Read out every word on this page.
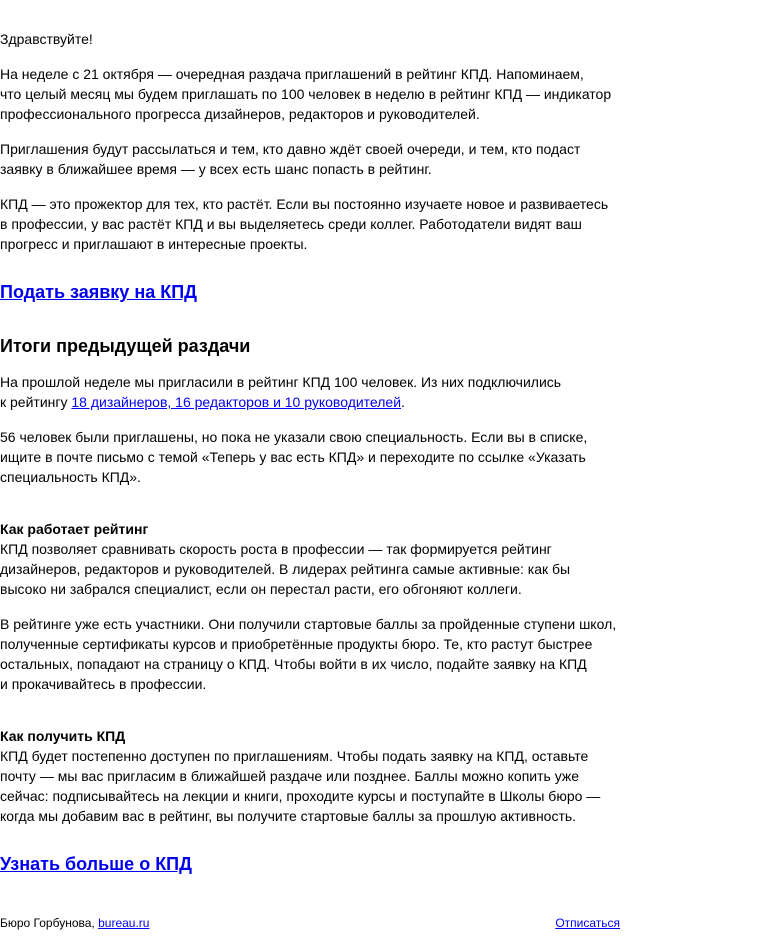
Здравствуйте!

На неделе с 21 октября — очередная раздача приглашений в рейтинг КПД. Напоминаем,
что целый месяц мы будем приглашать по 100 человек в неделю в рейтинг КПД — индикатор
профессионального прогресса дизайнеров, редакторов и руководителей.

Приглашения будут рассылаться и тем, кто давно ждёт своей очереди, и тем, кто подаст
заявку в ближайшее время — у всех есть шанс попасть в рейтинг.

КПД — это прожектор для тех, кто растёт. Если вы постоянно изучаете новое и развиваетесь
в профессии, у вас растёт КПД и вы выделяетесь среди коллег. Работодатели видят ваш
прогресс и приглашают в интересные проекты.

Подать заявку на КПД
Итоги предыдущей раздачи

На прошлой неделе мы пригласили в рейтинг КПД 100 человек. Из них подключились
к рейтингу 18 дизайнеров, 16 редакторов и 10 руководителей.

56 человек были приглашены, но пока не указали свою специальность. Если вы в списке,
ищите в почте письмо с темой «Теперь у вас есть КПД» и переходите по ссылке «Указать
специальность КПД».

Как работает рейтинг
КПД позволяет сравнивать скорость роста в профессии — так формируется рейтинг
дизайнеров, редакторов и руководителей. В лидерах рейтинга самые активные: как бы
высоко ни забрался специалист, если он перестал расти, его обгоняют коллеги.

В рейтинге уже есть участники. Они получили стартовые баллы за пройденные ступени школ,
полученные сертификаты курсов и приобретённые продукты бюро. Те, кто растут быстрее
остальных, попадают на страницу о КПД. Чтобы войти в их число, подайте заявку на КПД
и прокачивайтесь в профессии.

Как получить КПД
КПД будет постепенно доступен по приглашениям. Чтобы подать заявку на КПД, оставьте
почту — мы вас пригласим в ближайшей раздаче или позднее. Баллы можно копить уже
сейчас: подписывайтесь на лекции и книги, проходите курсы и поступайте в Школы бюро —
когда мы добавим вас в рейтинг, вы получите стартовые баллы за прошлую активность.

Узнать больше о КПД
Бюро Горбунова, bureau.ru	Отписаться
